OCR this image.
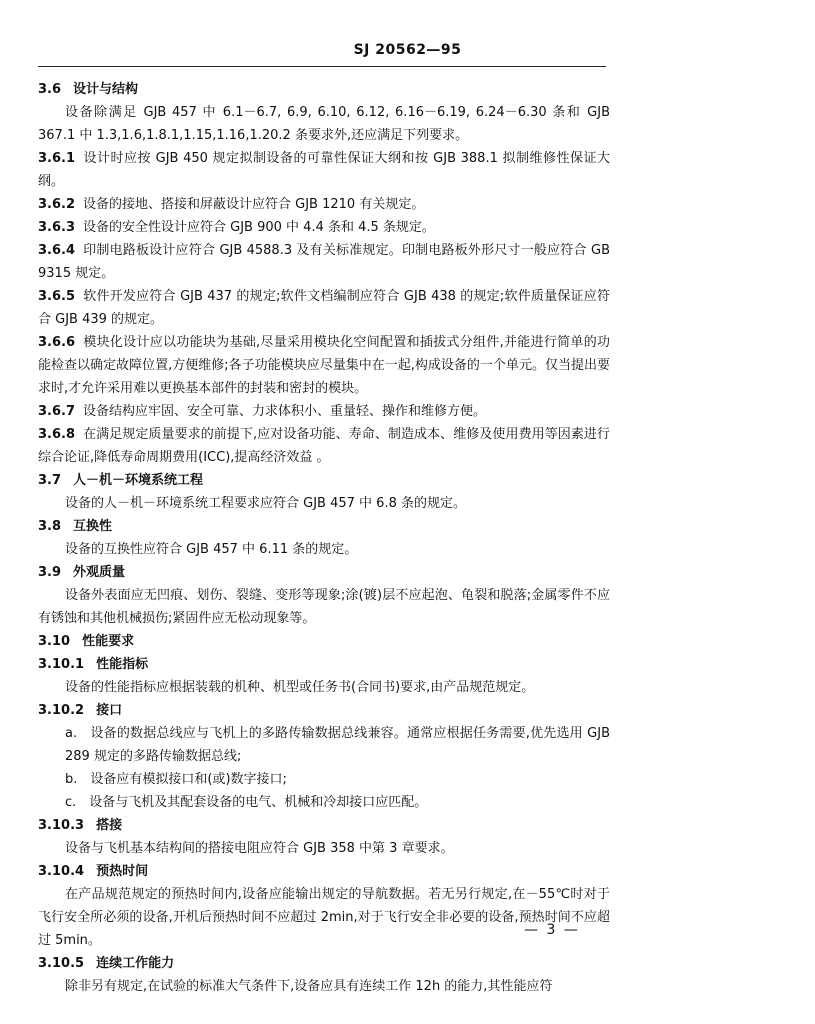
SJ 20562—95

3.6 设计与结构

设备除满足 GJB 457 中 6.1－6.7, 6.9, 6.10, 6.12, 6.16－6.19, 6.24－6.30 条和 GJB 367.1 中 1.3,1.6,1.8.1,1.15,1.16,1.20.2 条要求外,还应满足下列要求。

3.6.1 设计时应按 GJB 450 规定拟制设备的可靠性保证大纲和按 GJB 388.1 拟制维修性保证大纲。

3.6.2 设备的接地、搭接和屏蔽设计应符合 GJB 1210 有关规定。

3.6.3 设备的安全性设计应符合 GJB 900 中 4.4 条和 4.5 条规定。

3.6.4 印制电路板设计应符合 GJB 4588.3 及有关标准规定。印制电路板外形尺寸一般应符合 GB 9315 规定。

3.6.5 软件开发应符合 GJB 437 的规定;软件文档编制应符合 GJB 438 的规定;软件质量保证应符合 GJB 439 的规定。

3.6.6 模块化设计应以功能块为基础,尽量采用模块化空间配置和插拔式分组件,并能进行简单的功能检查以确定故障位置,方便维修;各子功能模块应尽量集中在一起,构成设备的一个单元。仅当提出要求时,才允许采用难以更换基本部件的封装和密封的模块。

3.6.7 设备结构应牢固、安全可靠、力求体积小、重量轻、操作和维修方便。

3.6.8 在满足规定质量要求的前提下,应对设备功能、寿命、制造成本、维修及使用费用等因素进行综合论证,降低寿命周期费用(ICC),提高经济效益 。

3.7 人－机－环境系统工程

设备的人－机－环境系统工程要求应符合 GJB 457 中 6.8 条的规定。

3.8 互换性

设备的互换性应符合 GJB 457 中 6.11 条的规定。

3.9 外观质量

设备外表面应无凹痕、划伤、裂缝、变形等现象;涂(镀)层不应起泡、龟裂和脱落;金属零件不应有锈蚀和其他机械损伤;紧固件应无松动现象等。

3.10 性能要求

3.10.1 性能指标

设备的性能指标应根据装载的机种、机型或任务书(合同书)要求,由产品规范规定。

3.10.2 接口

a.　设备的数据总线应与飞机上的多路传输数据总线兼容。通常应根据任务需要,优先选用 GJB 289 规定的多路传输数据总线;

b.　设备应有模拟接口和(或)数字接口;

c.　设备与飞机及其配套设备的电气、机械和冷却接口应匹配。

3.10.3 搭接

设备与飞机基本结构间的搭接电阻应符合 GJB 358 中第 3 章要求。

3.10.4 预热时间

在产品规范规定的预热时间内,设备应能输出规定的导航数据。若无另行规定,在－55℃时对于飞行安全所必须的设备,开机后预热时间不应超过 2min,对于飞行安全非必要的设备,预热时间不应超过 5min。

3.10.5 连续工作能力

除非另有规定,在试验的标准大气条件下,设备应具有连续工作 12h 的能力,其性能应符

— 3 —
